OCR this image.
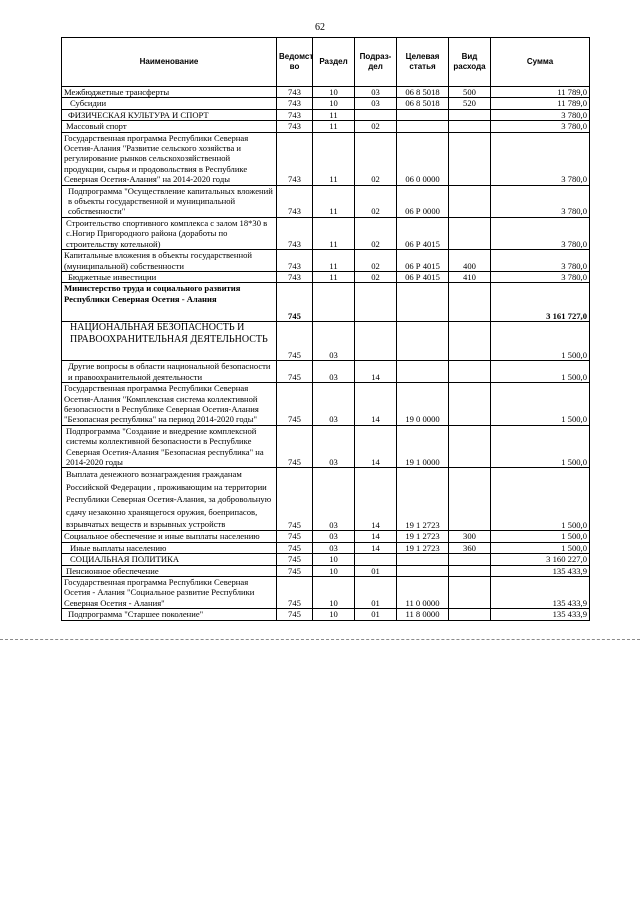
62
Наименование	Ведомст во	Раздел	Подраз- дел	Целевая статья	Вид расхода	Сумма
Межбюджетные трансферты	743	10	03	06 8 5018	500	11 789,0
Субсидии	743	10	03	06 8 5018	520	11 789,0
ФИЗИЧЕСКАЯ КУЛЬТУРА И СПОРТ	743	11				3 780,0
Массовый спорт	743	11	02			3 780,0
Государственная программа Республики Северная Осетия-Алания "Развитие сельского хозяйства и регулирование рынков сельскохозяйственной продукции, сырья и продовольствия в Республике Северная Осетия-Алания" на 2014-2020 годы	743	11	02	06 0 0000		3 780,0
Подпрограмма "Осуществление капитальных вложений в объекты государственной и муниципальной собственности"	743	11	02	06 Р 0000		3 780,0
Строительство спортивного комплекса с залом 18*30 в с.Ногир Пригородного района (доработы по строительству котельной)	743	11	02	06 Р 4015		3 780,0
Капитальные вложения в объекты государственной (муниципальной) собственности	743	11	02	06 Р 4015	400	3 780,0
Бюджетные инвестиции	743	11	02	06 Р 4015	410	3 780,0
Министерство труда и социального развития Республики Северная Осетия - Алания	745					3 161 727,0
НАЦИОНАЛЬНАЯ БЕЗОПАСНОСТЬ И ПРАВООХРАНИТЕЛЬНАЯ ДЕЯТЕЛЬНОСТЬ	745	03				1 500,0
Другие вопросы в области национальной безопасности и правоохранительной деятельности	745	03	14			1 500,0
Государственная программа Республики Северная Осетия-Алания "Комплексная система коллективной безопасности в Республике Северная Осетия-Алания "Безопасная республика" на период 2014-2020 годы"	745	03	14	19 0 0000		1 500,0
Подпрограмма "Создание и внедрение комплексной системы коллективной безопасности в Республике Северная Осетия-Алания "Безопасная республика" на 2014-2020 годы	745	03	14	19 1 0000		1 500,0
Выплата денежного вознаграждения гражданам Российской Федерации , проживающим на территории Республики Северная Осетия-Алания, за добровольную сдачу незаконно хранящегося оружия, боеприпасов, взрывчатых веществ и взрывных устройств	745	03	14	19 1 2723		1 500,0
Социальное обеспечение и иные выплаты населению	745	03	14	19 1 2723	300	1 500,0
Иные выплаты населению	745	03	14	19 1 2723	360	1 500,0
СОЦИАЛЬНАЯ ПОЛИТИКА	745	10				3 160 227,0
Пенсионное обеспечение	745	10	01			135 433,9
Государственная программа Республики Северная Осетия - Алания "Социальное развитие Республики Северная Осетия - Алания"	745	10	01	11 0 0000		135 433,9
Подпрограмма "Старшее поколение"	745	10	01	11 8 0000		135 433,9
